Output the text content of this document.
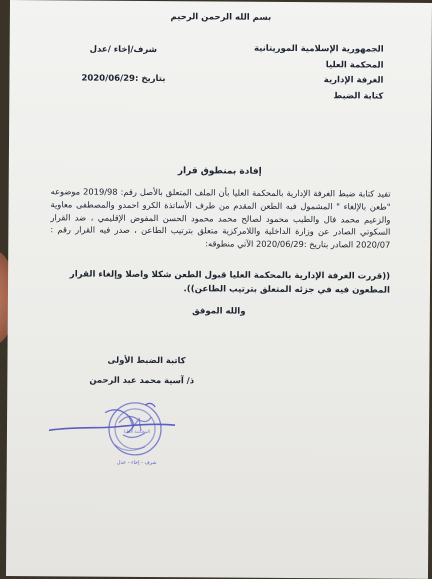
بسم الله الرحمن الرحيم
الجمهورية الإسلامية الموريتانية
المحكمة العليا
الغرفة الإدارية
كتابة الضبط
شرف/إخاء /عدل
بتاريخ :2020/06/29
إفادة بمنطوق قرار
تفيد كتابة ضبط الغرفة الإدارية بالمحكمة العليا بأن الملف المتعلق بالأصل رقم: 2019/98 موضوعه "طعن بالإلغاء " المشمول فيه الطعن المقدم من طرف الأساتذة الكرو احمدو والمصطفى معاوية والزعيم محمد فال والطيب محمود لصالح محمد محمود الحسن المفوض الإقليمي ، ضد القرار السكوتي الصادر عن وزارة الداخلية واللامركزية متعلق بترتيب الطاعن ، صدر فيه القرار رقم : 2020/07 الصادر بتاريخ :2020/06/29 الآتي منطوقه:
((قررت الغرفة الإدارية بالمحكمة العليا قبول الطعن شكلا واصلا وإلغاء القرار المطعون فيه في جزئه المتعلق بترتيب الطاعن)).
والله الموفق
كاتبة الضبط الأولى
ذ/ آسية محمد عبد الرحمن
شرف - إخاء - عدل
المحكمة العليا
